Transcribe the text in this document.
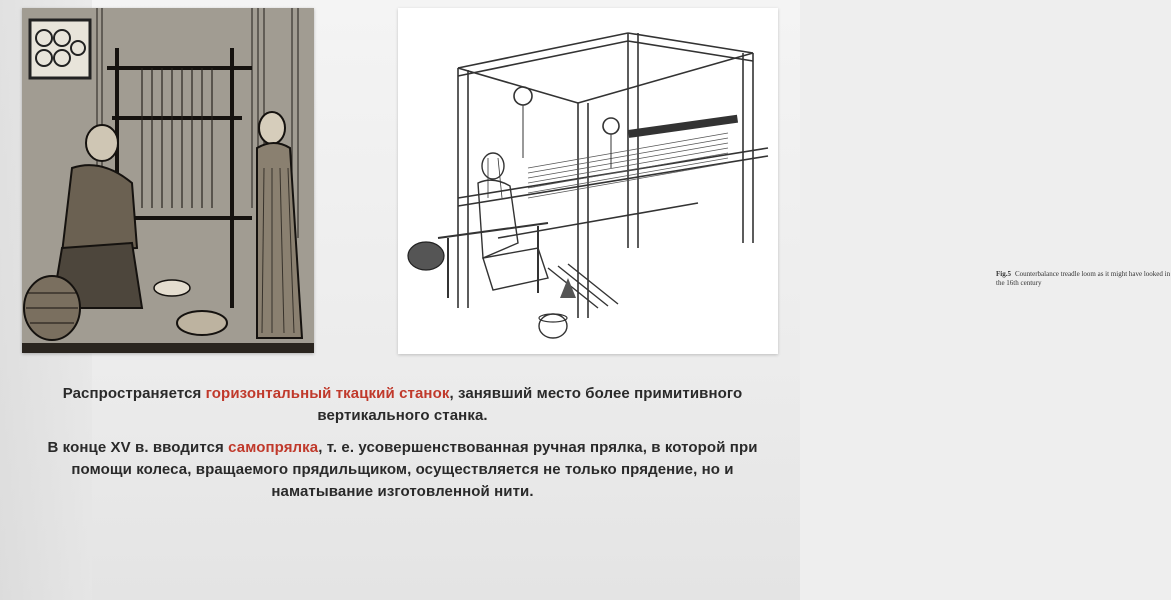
Fig.5 Counterbalance treadle loom as it might have looked in the 16th century

Распространяется горизонтальный ткацкий станок, занявший место более примитивного вертикального станка.

В конце XV в. вводится самопрялка, т. е. усовершенствованная ручная прялка, в которой при помощи колеса, вращаемого прядильщиком, осуществляется не только прядение, но и наматывание изготовленной нити.
